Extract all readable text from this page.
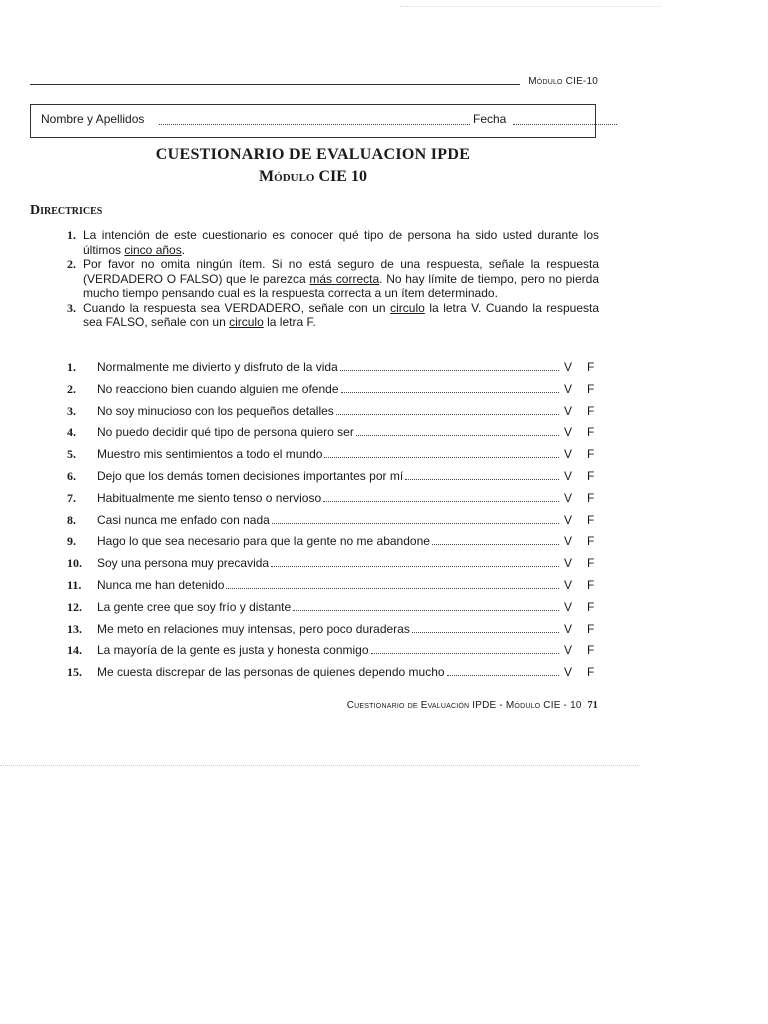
Módulo CIE-10
Nombre y Apellidos	Fecha
CUESTIONARIO DE EVALUACION IPDE
Módulo CIE 10
Directrices
1. La intención de este cuestionario es conocer qué tipo de persona ha sido usted durante los últimos cinco años.
2. Por favor no omita ningún ítem. Si no está seguro de una respuesta, señale la respuesta (VERDADERO O FALSO) que le parezca más correcta. No hay límite de tiempo, pero no pierda mucho tiempo pensando cual es la respuesta correcta a un ítem determinado.
3. Cuando la respuesta sea VERDADERO, señale con un circulo la letra V. Cuando la respuesta sea FALSO, señale con un circulo la letra F.
1. Normalmente me divierto y disfruto de la vida	V F
2. No reacciono bien cuando alguien me ofende	V F
3. No soy minucioso con los pequeños detalles	V F
4. No puedo decidir qué tipo de persona quiero ser	V F
5. Muestro mis sentimientos a todo el mundo	V F
6. Dejo que los demás tomen decisiones importantes por mí	V F
7. Habitualmente me siento tenso o nervioso	V F
8. Casi nunca me enfado con nada	V F
9. Hago lo que sea necesario para que la gente no me abandone	V F
10. Soy una persona muy precavida	V F
11. Nunca me han detenido	V F
12. La gente cree que soy frío y distante	V F
13. Me meto en relaciones muy intensas, pero poco duraderas	V F
14. La mayoría de la gente es justa y honesta conmigo	V F
15. Me cuesta discrepar de las personas de quienes dependo mucho	V F
Cuestionario de Evaluación IPDE - Módulo CIE - 10 71
